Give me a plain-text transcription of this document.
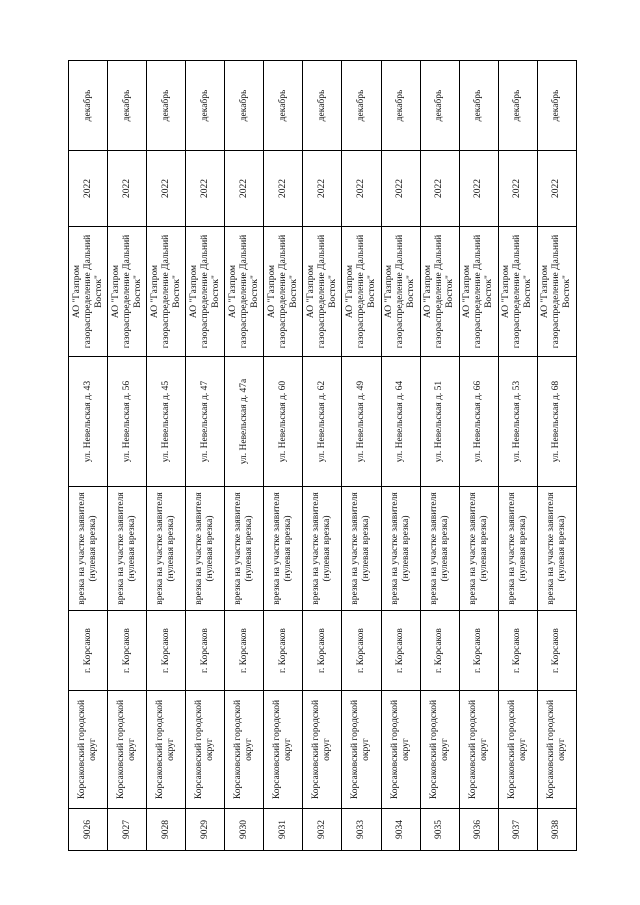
9026	Корсаковский городской округ	г. Корсаков	врезка на участке заявителя (нулевая врезка)	ул. Невельская д. 43	АО "Газпром газораспределение Дальний Восток"	2022	декабрь
9027	Корсаковский городской округ	г. Корсаков	врезка на участке заявителя (нулевая врезка)	ул. Невельская д. 56	АО "Газпром газораспределение Дальний Восток"	2022	декабрь
9028	Корсаковский городской округ	г. Корсаков	врезка на участке заявителя (нулевая врезка)	ул. Невельская д. 45	АО "Газпром газораспределение Дальний Восток"	2022	декабрь
9029	Корсаковский городской округ	г. Корсаков	врезка на участке заявителя (нулевая врезка)	ул. Невельская д. 47	АО "Газпром газораспределение Дальний Восток"	2022	декабрь
9030	Корсаковский городской округ	г. Корсаков	врезка на участке заявителя (нулевая врезка)	ул. Невельская д. 47а	АО "Газпром газораспределение Дальний Восток"	2022	декабрь
9031	Корсаковский городской округ	г. Корсаков	врезка на участке заявителя (нулевая врезка)	ул. Невельская д. 60	АО "Газпром газораспределение Дальний Восток"	2022	декабрь
9032	Корсаковский городской округ	г. Корсаков	врезка на участке заявителя (нулевая врезка)	ул. Невельская д. 62	АО "Газпром газораспределение Дальний Восток"	2022	декабрь
9033	Корсаковский городской округ	г. Корсаков	врезка на участке заявителя (нулевая врезка)	ул. Невельская д. 49	АО "Газпром газораспределение Дальний Восток"	2022	декабрь
9034	Корсаковский городской округ	г. Корсаков	врезка на участке заявителя (нулевая врезка)	ул. Невельская д. 64	АО "Газпром газораспределение Дальний Восток"	2022	декабрь
9035	Корсаковский городской округ	г. Корсаков	врезка на участке заявителя (нулевая врезка)	ул. Невельская д. 51	АО "Газпром газораспределение Дальний Восток"	2022	декабрь
9036	Корсаковский городской округ	г. Корсаков	врезка на участке заявителя (нулевая врезка)	ул. Невельская д. 66	АО "Газпром газораспределение Дальний Восток"	2022	декабрь
9037	Корсаковский городской округ	г. Корсаков	врезка на участке заявителя (нулевая врезка)	ул. Невельская д. 53	АО "Газпром газораспределение Дальний Восток"	2022	декабрь
9038	Корсаковский городской округ	г. Корсаков	врезка на участке заявителя (нулевая врезка)	ул. Невельская д. 68	АО "Газпром газораспределение Дальний Восток"	2022	декабрь
